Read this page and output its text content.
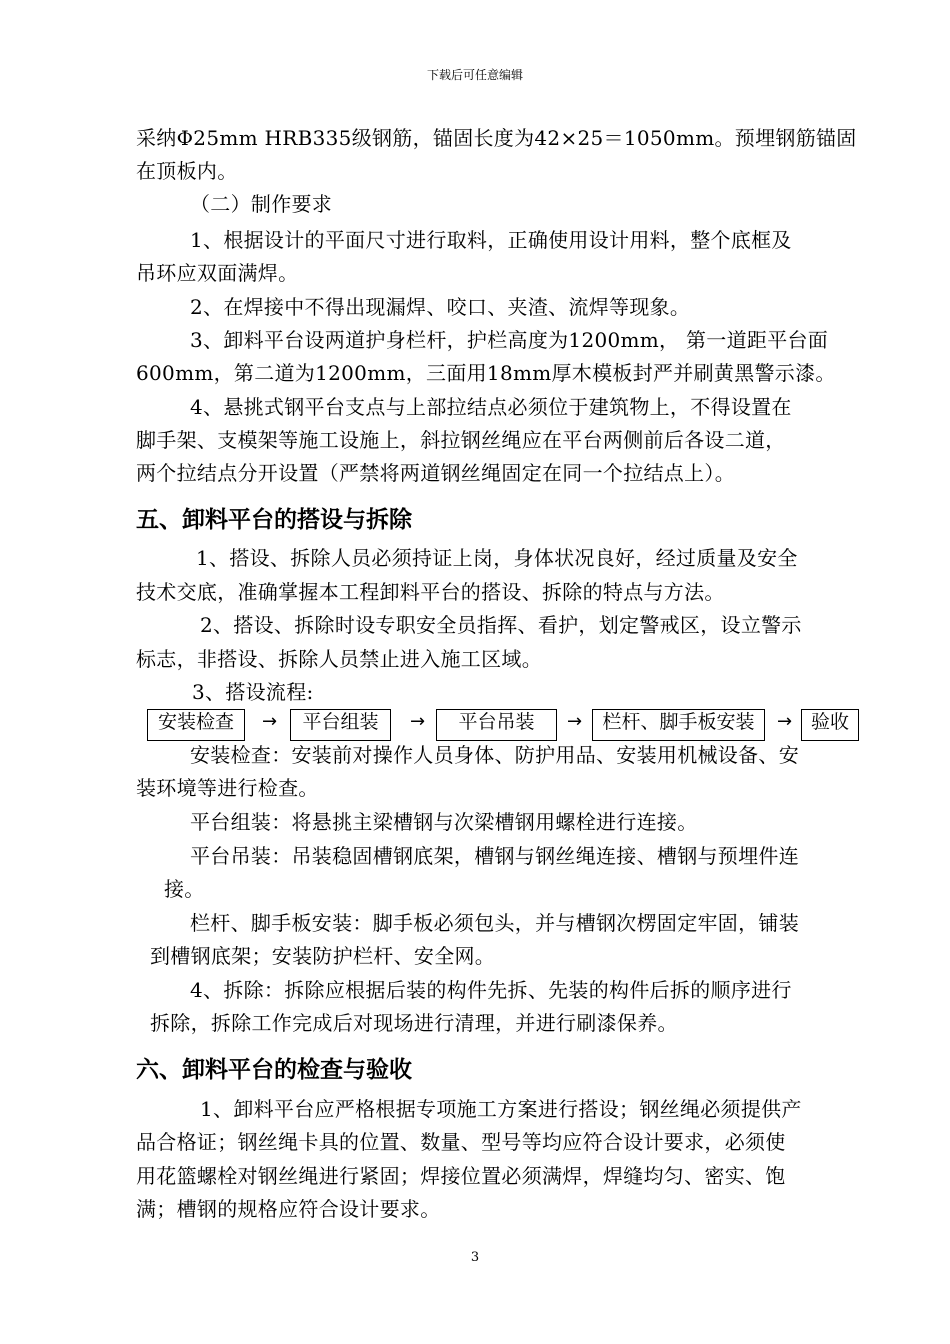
下载后可任意编辑
采纳Φ25mm HRB335级钢筋，锚固长度为42×25＝1050mm。预埋钢筋锚固
在顶板内。
（二）制作要求
1、根据设计的平面尺寸进行取料，正确使用设计用料，整个底框及
吊环应双面满焊。
2、在焊接中不得出现漏焊、咬口、夹渣、流焊等现象。
3、卸料平台设两道护身栏杆，护栏高度为1200mm， 第一道距平台面
600mm，第二道为1200mm，三面用18mm厚木模板封严并刷黄黑警示漆。
4、悬挑式钢平台支点与上部拉结点必须位于建筑物上，不得设置在
脚手架、支模架等施工设施上，斜拉钢丝绳应在平台两侧前后各设二道，
两个拉结点分开设置（严禁将两道钢丝绳固定在同一个拉结点上）。
五、卸料平台的搭设与拆除
1、搭设、拆除人员必须持证上岗，身体状况良好，经过质量及安全
技术交底，准确掌握本工程卸料平台的搭设、拆除的特点与方法。
2、搭设、拆除时设专职安全员指挥、看护，划定警戒区，设立警示
标志，非搭设、拆除人员禁止进入施工区域。
3、搭设流程:
安装检查	→	平台组装	→	平台吊装	→	栏杆、脚手板安装	→ 验收
安装检查：安装前对操作人员身体、防护用品、安装用机械设备、安
装环境等进行检查。
平台组装：将悬挑主梁槽钢与次梁槽钢用螺栓进行连接。
平台吊装：吊装稳固槽钢底架，槽钢与钢丝绳连接、槽钢与预埋件连
接。
栏杆、脚手板安装：脚手板必须包头，并与槽钢次楞固定牢固，铺装
到槽钢底架；安装防护栏杆、安全网。
4、拆除：拆除应根据后装的构件先拆、先装的构件后拆的顺序进行
拆除，拆除工作完成后对现场进行清理，并进行刷漆保养。
六、卸料平台的检查与验收
1、卸料平台应严格根据专项施工方案进行搭设；钢丝绳必须提供产
品合格证；钢丝绳卡具的位置、数量、型号等均应符合设计要求，必须使
用花篮螺栓对钢丝绳进行紧固；焊接位置必须满焊，焊缝均匀、密实、饱
满；槽钢的规格应符合设计要求。
3
